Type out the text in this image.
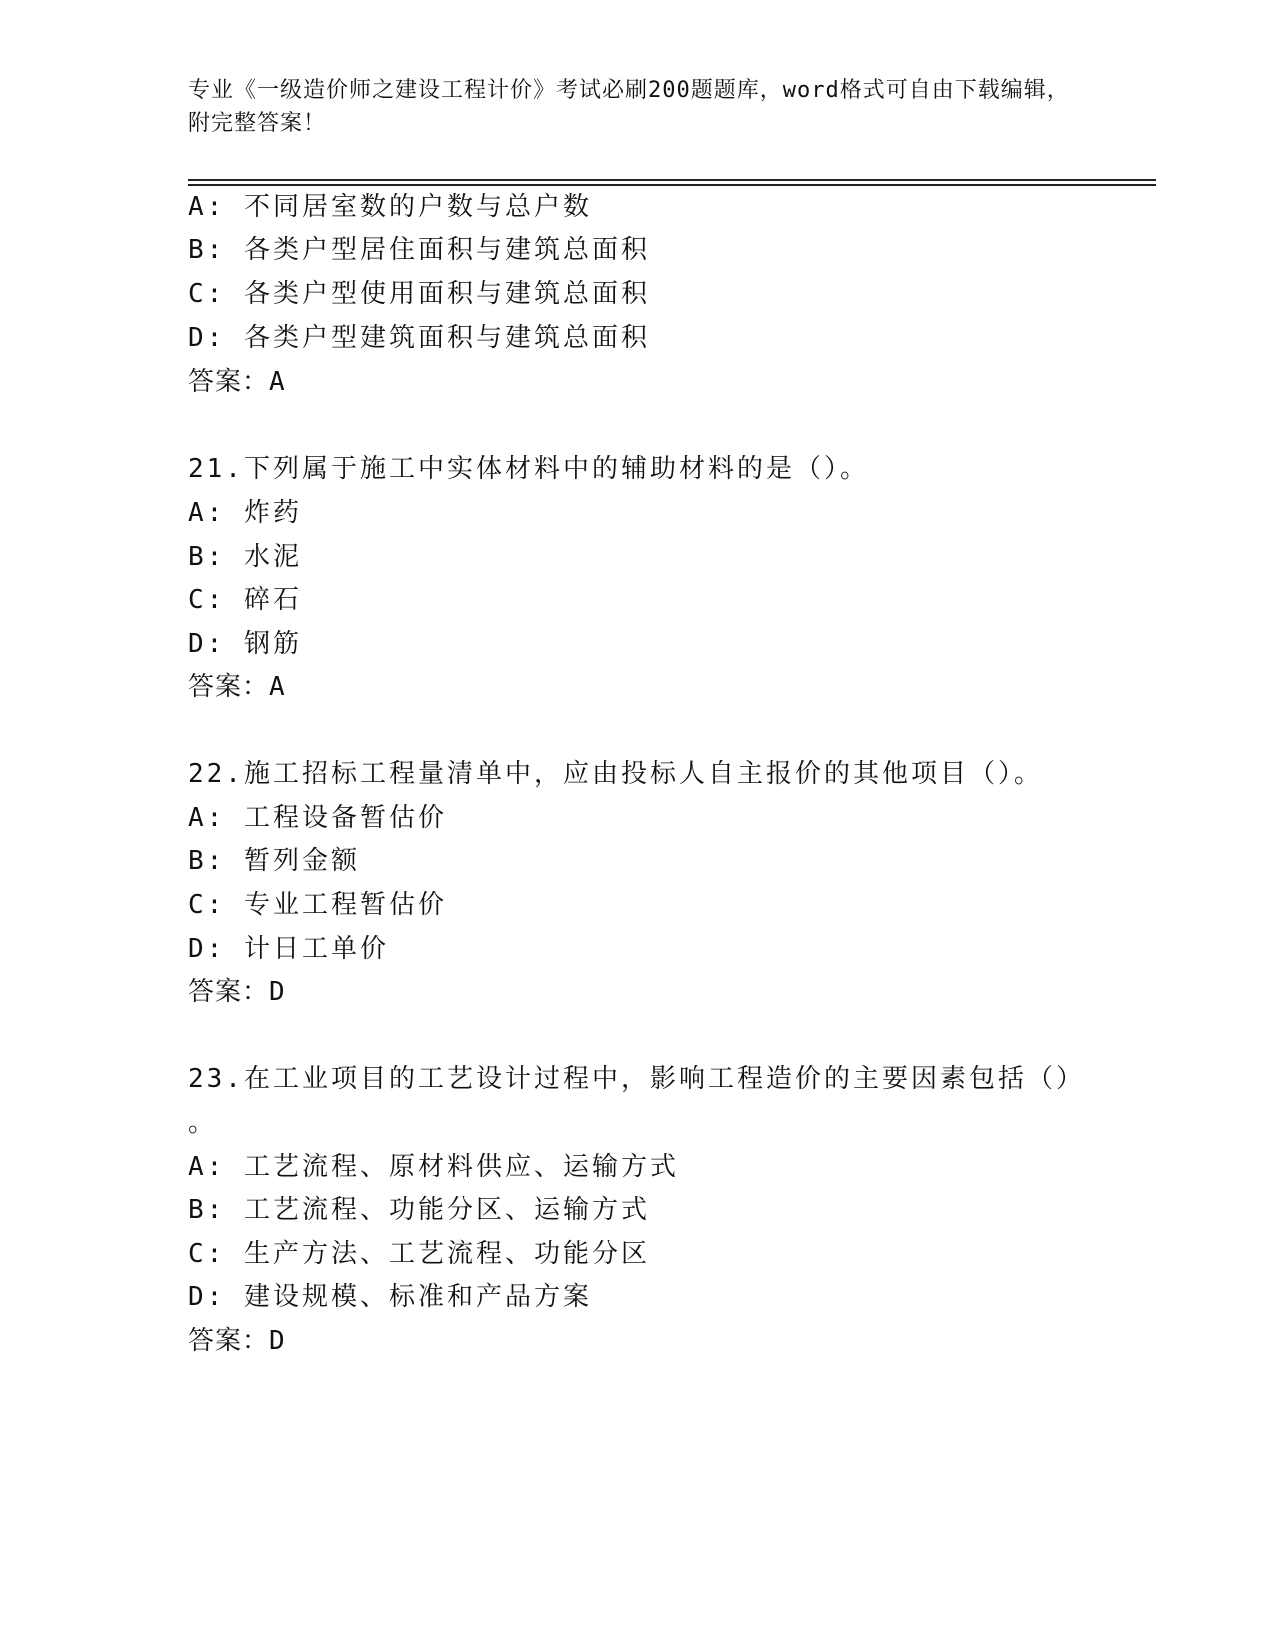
专业《一级造价师之建设工程计价》考试必刷200题题库，word格式可自由下载编辑，附完整答案！
A: 不同居室数的户数与总户数
B: 各类户型居住面积与建筑总面积
C: 各类户型使用面积与建筑总面积
D: 各类户型建筑面积与建筑总面积
答案：A
21.下列属于施工中实体材料中的辅助材料的是（）。
A: 炸药
B: 水泥
C: 碎石
D: 钢筋
答案：A
22.施工招标工程量清单中，应由投标人自主报价的其他项目（）。
A: 工程设备暂估价
B: 暂列金额
C: 专业工程暂估价
D: 计日工单价
答案：D
23.在工业项目的工艺设计过程中，影响工程造价的主要因素包括（）
。
A: 工艺流程、原材料供应、运输方式
B: 工艺流程、功能分区、运输方式
C: 生产方法、工艺流程、功能分区
D: 建设规模、标准和产品方案
答案：D
